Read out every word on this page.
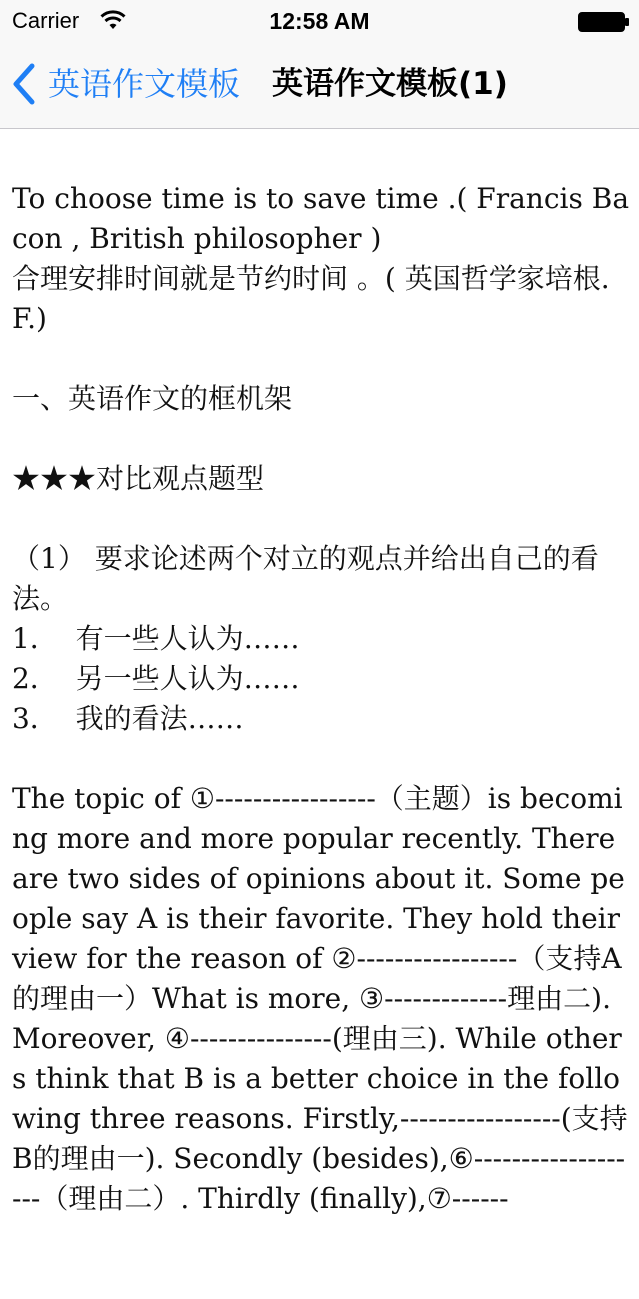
Carrier	12:58 AM
英语作文模板 英语作文模板(1)

To choose time is to save time .( Francis Bacon , British philosopher )
合理安排时间就是节约时间 。( 英国哲学家培根. F.)

一、英语作文的框机架

★★★对比观点题型

（1） 要求论述两个对立的观点并给出自己的看法。
1．  有一些人认为……
2．  另一些人认为……
3．  我的看法……

The topic of ①-----------------（主题）is becoming more and more popular recently. There are two sides of opinions about it. Some people say A is their favorite. They hold their view for the reason of ②-----------------（支持A的理由一）What is more, ③-------------理由二). Moreover, ④---------------(理由三). While others think that B is a better choice in the following three reasons. Firstly,-----------------(支持B的理由一). Secondly (besides),⑥-------------------（理由二）. Thirdly (finally),⑦------
